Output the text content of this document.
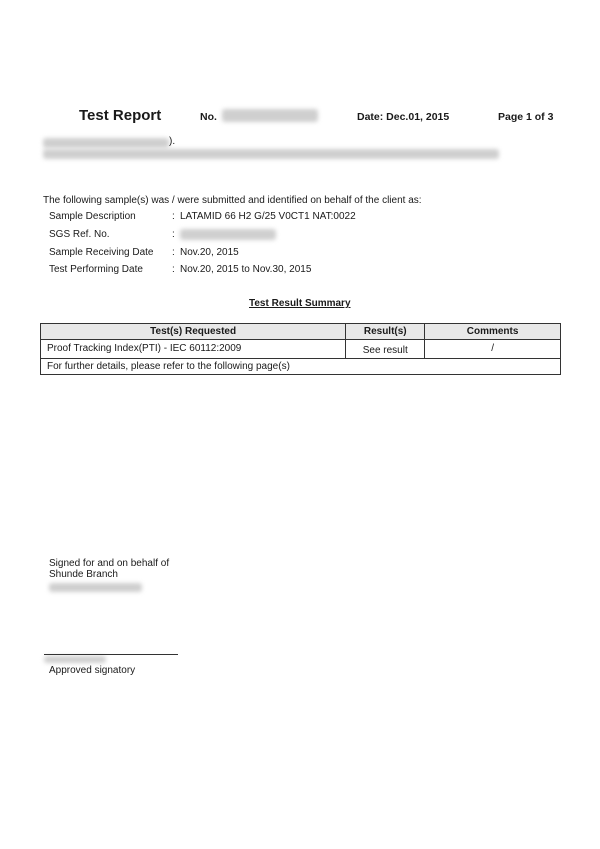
Test Report	No.	Date: Dec.01, 2015	Page 1 of 3
).
The following sample(s) was / were submitted and identified on behalf of the client as:
Sample Description	: LATAMID 66 H2 G/25 V0CT1 NAT:0022
SGS Ref. No.	:
Sample Receiving Date : Nov.20, 2015
Test Performing Date	: Nov.20, 2015 to Nov.30, 2015
Test Result Summary
Test(s) Requested	Result(s)	Comments
Proof Tracking Index(PTI) - IEC 60112:2009	See result	/
For further details, please refer to the following page(s)		
Signed for and on behalf of
Shunde Branch
Approved signatory
